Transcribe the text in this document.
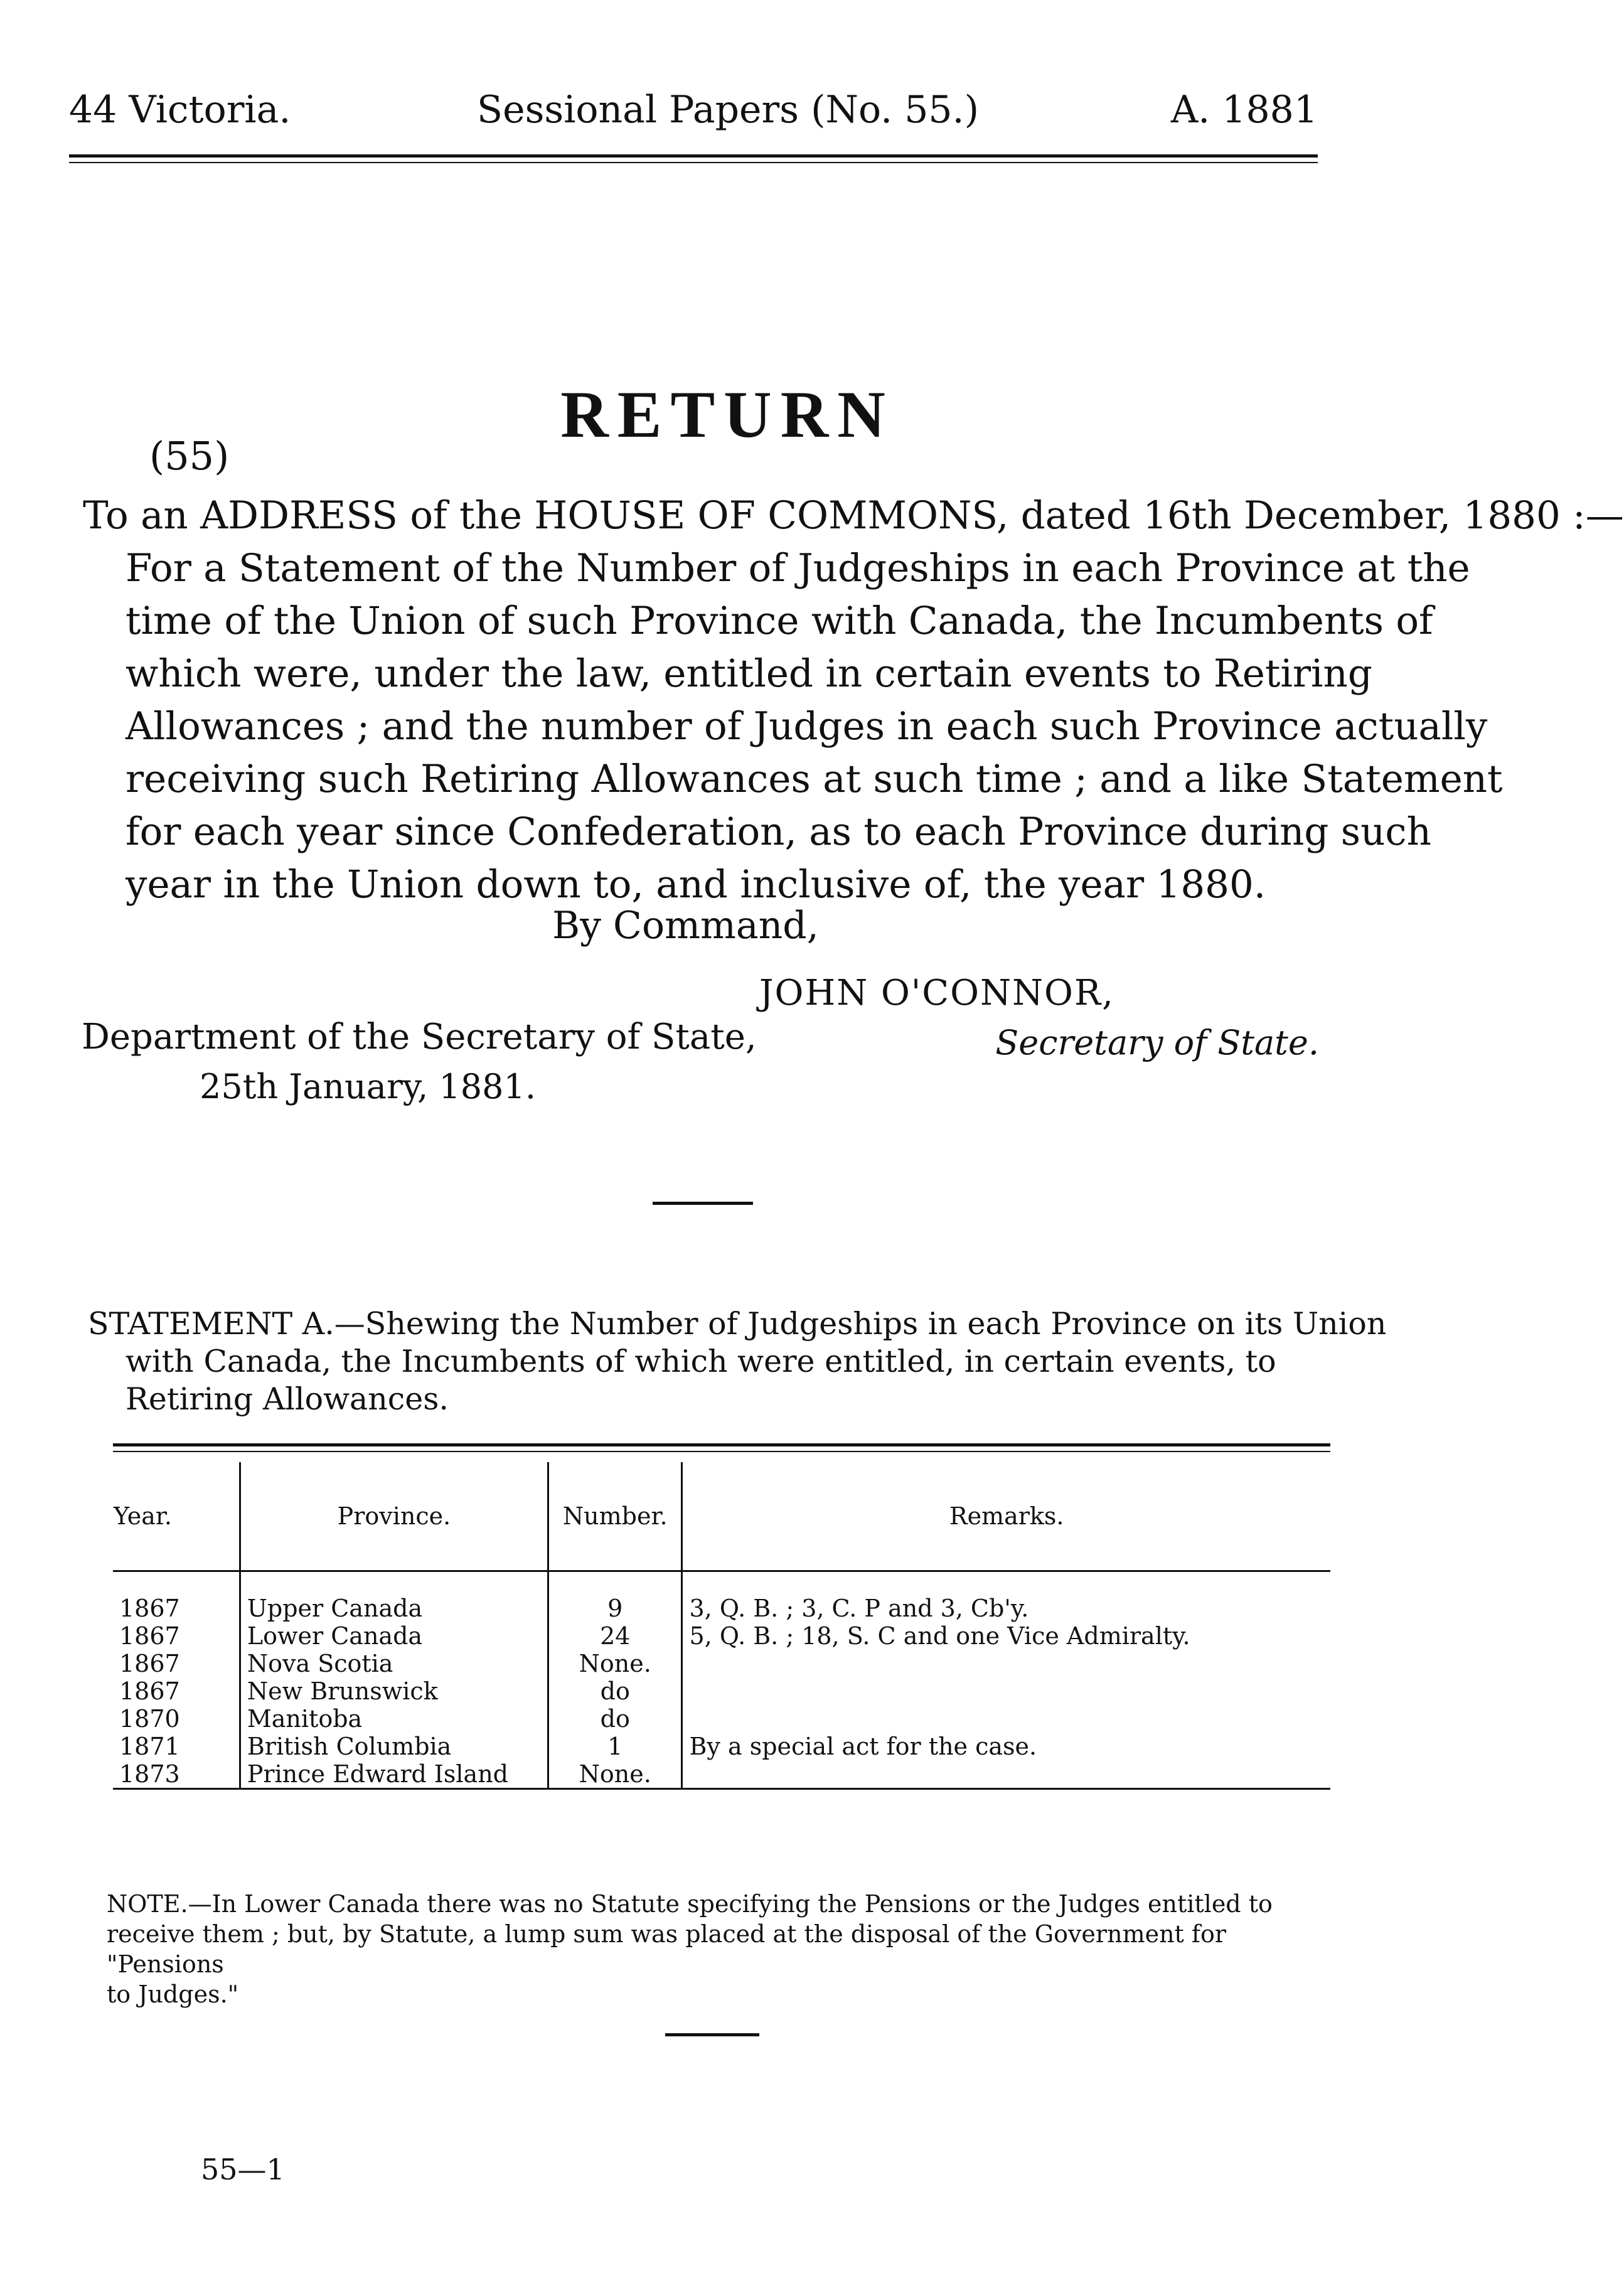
44 Victoria.	Sessional Papers (No. 55.)	A. 1881
RETURN
(55)
To an ADDRESS of the HOUSE OF COMMONS, dated 16th December, 1880 :—
For a Statement of the Number of Judgeships in each Province at the
time of the Union of such Province with Canada, the Incumbents of
which were, under the law, entitled in certain events to Retiring
Allowances ; and the number of Judges in each such Province actually
receiving such Retiring Allowances at such time ; and a like Statement
for each year since Confederation, as to each Province during such
year in the Union down to, and inclusive of, the year 1880.
By Command,
JOHN O'CONNOR,
Department of the Secretary of State,	Secretary of State.
25th January, 1881.
STATEMENT A.—Shewing the Number of Judgeships in each Province on its Union
with Canada, the Incumbents of which were entitled, in certain events, to
Retiring Allowances.
Year.	Province.	Number.	Remarks.
1867	Upper Canada	9	3, Q. B. ; 3, C. P and 3, Cb'y.
1867	Lower Canada	24	5, Q. B. ; 18, S. C and one Vice Admiralty.
1867	Nova Scotia	None.	
1867	New Brunswick	do	
1870	Manitoba	do	
1871	British Columbia	1	By a special act for the case.
1873	Prince Edward Island	None.	
NOTE.—In Lower Canada there was no Statute specifying the Pensions or the Judges entitled to
receive them ; but, by Statute, a lump sum was placed at the disposal of the Government for "Pensions
to Judges."
55—1
